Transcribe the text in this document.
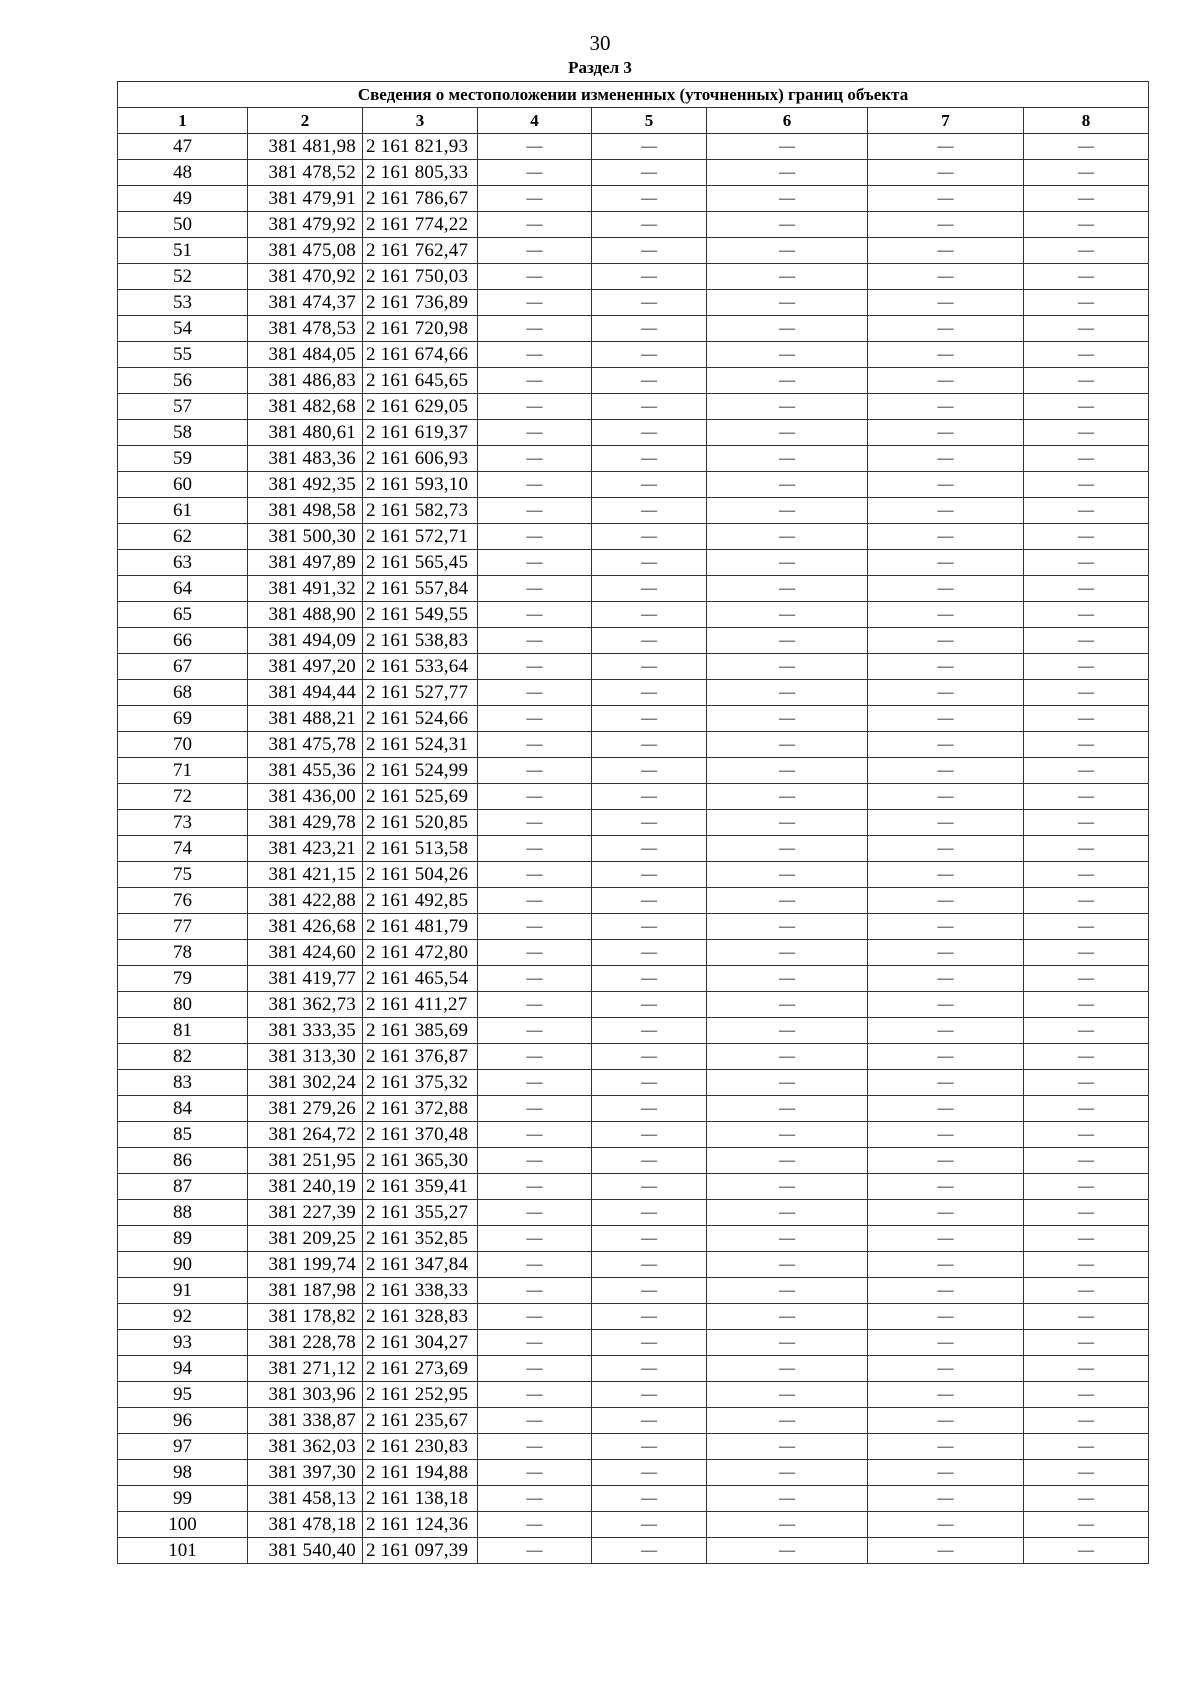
30
Раздел 3
Сведения о местоположении измененных (уточненных) границ объекта							
1	2	3	4	5	6	7	8
47	381 481,98	2 161 821,93	—	—	—	—	—
48	381 478,52	2 161 805,33	—	—	—	—	—
49	381 479,91	2 161 786,67	—	—	—	—	—
50	381 479,92	2 161 774,22	—	—	—	—	—
51	381 475,08	2 161 762,47	—	—	—	—	—
52	381 470,92	2 161 750,03	—	—	—	—	—
53	381 474,37	2 161 736,89	—	—	—	—	—
54	381 478,53	2 161 720,98	—	—	—	—	—
55	381 484,05	2 161 674,66	—	—	—	—	—
56	381 486,83	2 161 645,65	—	—	—	—	—
57	381 482,68	2 161 629,05	—	—	—	—	—
58	381 480,61	2 161 619,37	—	—	—	—	—
59	381 483,36	2 161 606,93	—	—	—	—	—
60	381 492,35	2 161 593,10	—	—	—	—	—
61	381 498,58	2 161 582,73	—	—	—	—	—
62	381 500,30	2 161 572,71	—	—	—	—	—
63	381 497,89	2 161 565,45	—	—	—	—	—
64	381 491,32	2 161 557,84	—	—	—	—	—
65	381 488,90	2 161 549,55	—	—	—	—	—
66	381 494,09	2 161 538,83	—	—	—	—	—
67	381 497,20	2 161 533,64	—	—	—	—	—
68	381 494,44	2 161 527,77	—	—	—	—	—
69	381 488,21	2 161 524,66	—	—	—	—	—
70	381 475,78	2 161 524,31	—	—	—	—	—
71	381 455,36	2 161 524,99	—	—	—	—	—
72	381 436,00	2 161 525,69	—	—	—	—	—
73	381 429,78	2 161 520,85	—	—	—	—	—
74	381 423,21	2 161 513,58	—	—	—	—	—
75	381 421,15	2 161 504,26	—	—	—	—	—
76	381 422,88	2 161 492,85	—	—	—	—	—
77	381 426,68	2 161 481,79	—	—	—	—	—
78	381 424,60	2 161 472,80	—	—	—	—	—
79	381 419,77	2 161 465,54	—	—	—	—	—
80	381 362,73	2 161 411,27	—	—	—	—	—
81	381 333,35	2 161 385,69	—	—	—	—	—
82	381 313,30	2 161 376,87	—	—	—	—	—
83	381 302,24	2 161 375,32	—	—	—	—	—
84	381 279,26	2 161 372,88	—	—	—	—	—
85	381 264,72	2 161 370,48	—	—	—	—	—
86	381 251,95	2 161 365,30	—	—	—	—	—
87	381 240,19	2 161 359,41	—	—	—	—	—
88	381 227,39	2 161 355,27	—	—	—	—	—
89	381 209,25	2 161 352,85	—	—	—	—	—
90	381 199,74	2 161 347,84	—	—	—	—	—
91	381 187,98	2 161 338,33	—	—	—	—	—
92	381 178,82	2 161 328,83	—	—	—	—	—
93	381 228,78	2 161 304,27	—	—	—	—	—
94	381 271,12	2 161 273,69	—	—	—	—	—
95	381 303,96	2 161 252,95	—	—	—	—	—
96	381 338,87	2 161 235,67	—	—	—	—	—
97	381 362,03	2 161 230,83	—	—	—	—	—
98	381 397,30	2 161 194,88	—	—	—	—	—
99	381 458,13	2 161 138,18	—	—	—	—	—
100	381 478,18	2 161 124,36	—	—	—	—	—
101	381 540,40	2 161 097,39	—	—	—	—	—
